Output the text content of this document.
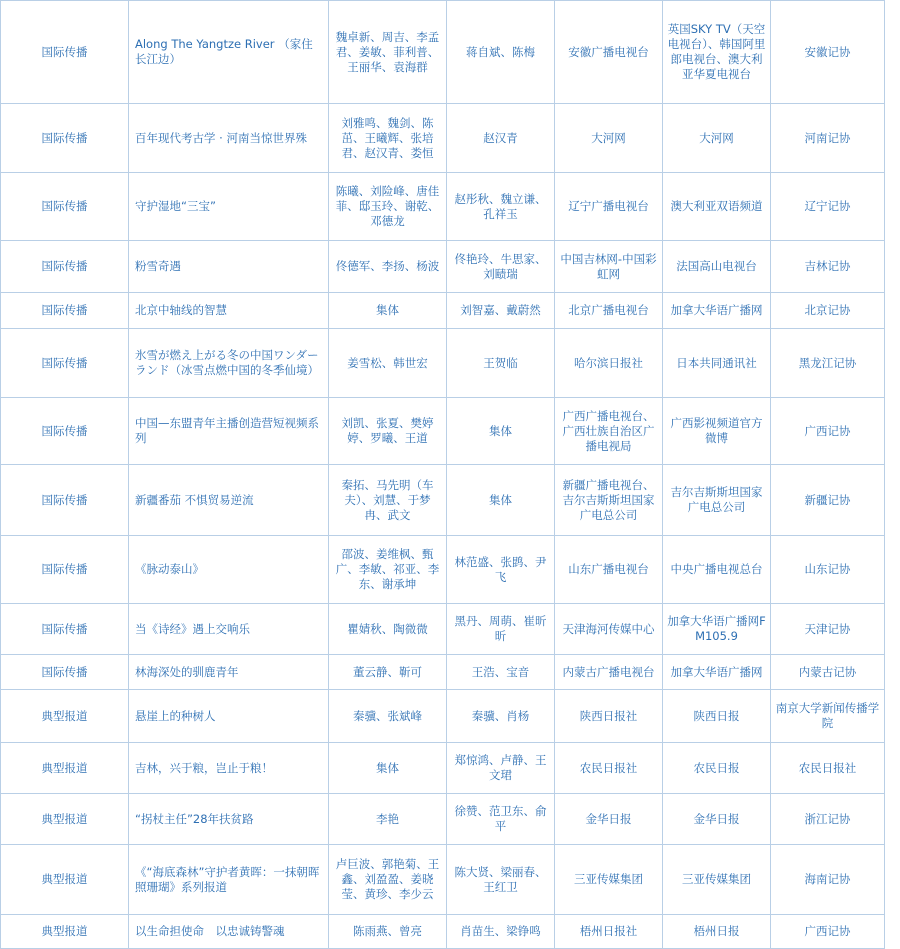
国际传播	Along The Yangtze River （家住长江边）	魏卓新、周吉、李孟君、姜敏、菲利普、王丽华、袁海群	蒋自斌、陈梅	安徽广播电视台	英国SKY TV（天空电视台）、韩国阿里郎电视台、澳大利亚华夏电视台	安徽记协
国际传播	百年现代考古学 · 河南当惊世界殊	刘雅鸣、魏剑、陈茁、王曦辉、张培君、赵汉青、娄恒	赵汉青	大河网	大河网	河南记协
国际传播	守护湿地“三宝”	陈曦、刘险峰、唐佳菲、邸玉玲、谢乾、邓德龙	赵彤秋、魏立谦、孔祥玉	辽宁广播电视台	澳大利亚双语频道	辽宁记协
国际传播	粉雪奇遇	佟德军、李扬、杨波	佟艳玲、牛思家、刘赜瑞	中国吉林网-中国彩虹网	法国高山电视台	吉林记协
国际传播	北京中轴线的智慧	集体	刘智嘉、戴蔚然	北京广播电视台	加拿大华语广播网	北京记协
国际传播	氷雪が燃え上がる冬の中国ワンダーランド（冰雪点燃中国的冬季仙境）	姜雪松、韩世宏	王贺临	哈尔滨日报社	日本共同通讯社	黑龙江记协
国际传播	中国—东盟青年主播创造营短视频系列	刘凯、张夏、樊婷婷、罗曦、王道	集体	广西广播电视台、广西壮族自治区广播电视局	广西影视频道官方微博	广西记协
国际传播	新疆番茄 不惧贸易逆流	秦拓、马先明（车夫）、刘慧、于梦冉、武文	集体	新疆广播电视台、吉尔吉斯斯坦国家广电总公司	吉尔吉斯斯坦国家广电总公司	新疆记协
国际传播	《脉动泰山》	邵波、姜维枫、甄广、李敏、祁亚、李东、谢承坤	林范盛、张鹍、尹飞	山东广播电视台	中央广播电视总台	山东记协
国际传播	当《诗经》遇上交响乐	瞿婧秋、陶微微	黑丹、周萌、崔昕昕	天津海河传媒中心	加拿大华语广播网FM105.9	天津记协
国际传播	林海深处的驯鹿青年	董云静、靳可	王浩、宝音	内蒙古广播电视台	加拿大华语广播网	内蒙古记协
典型报道	悬崖上的种树人	秦骥、张斌峰	秦骥、肖杨	陕西日报社	陕西日报	南京大学新闻传播学院
典型报道	吉林，兴于粮，岂止于粮！	集体	郑惊鸿、卢静、王文珺	农民日报社	农民日报	农民日报社
典型报道	“拐杖主任”28年扶贫路	李艳	徐赞、范卫东、俞平	金华日报	金华日报	浙江记协
典型报道	《“海底森林”守护者黄晖：一抹朝晖 照珊瑚》系列报道	卢巨波、郭艳菊、王鑫、刘盈盈、姜晓莹、黄珍、李少云	陈大贤、梁丽春、王红卫	三亚传媒集团	三亚传媒集团	海南记协
典型报道	以生命担使命　以忠诚铸警魂	陈雨燕、曾亮	肖苗生、梁铮鸣	梧州日报社	梧州日报	广西记协
